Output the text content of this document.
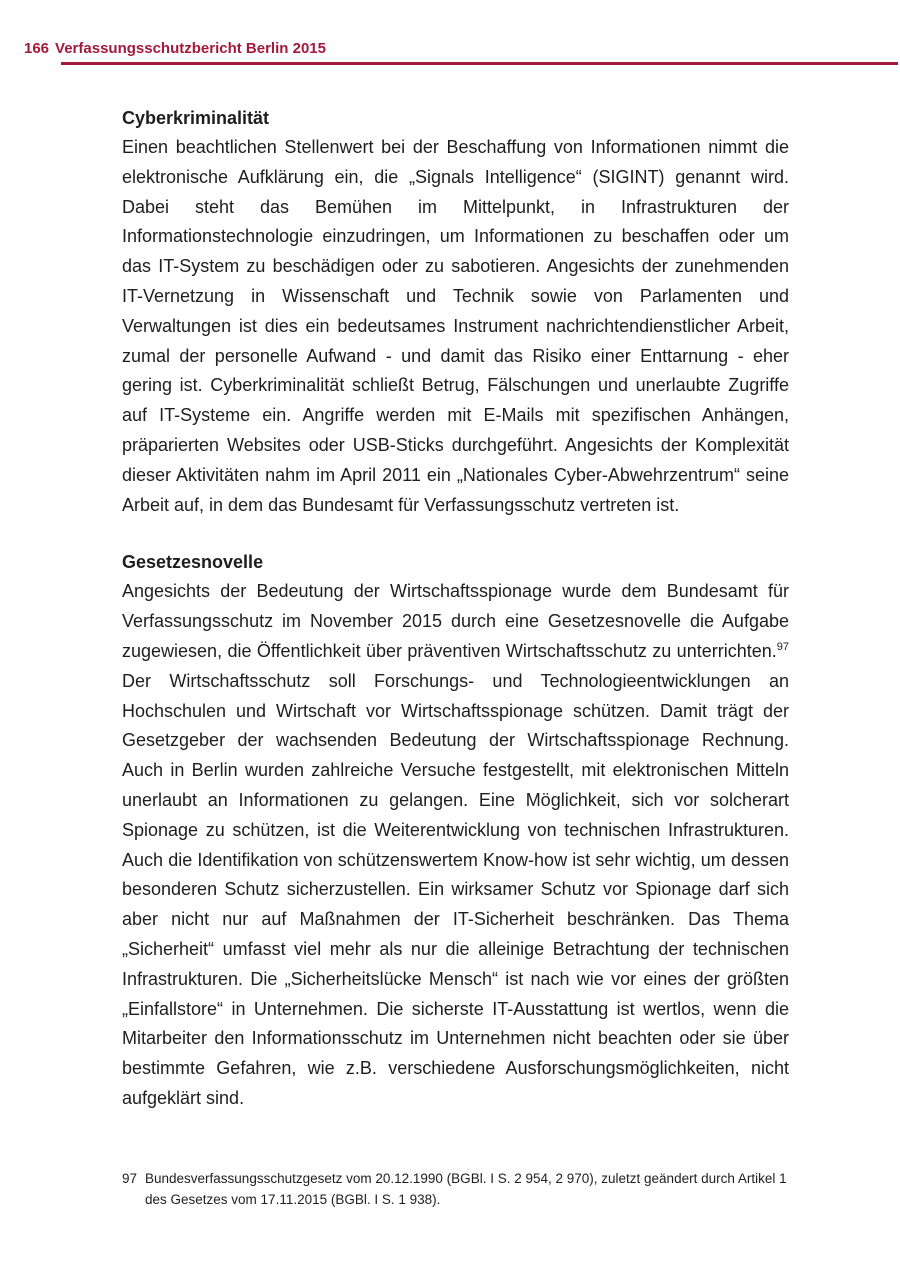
166 Verfassungsschutzbericht Berlin 2015
Cyberkriminalität

Einen beachtlichen Stellenwert bei der Beschaffung von Informationen nimmt die elektronische Aufklärung ein, die „Signals Intelligence“ (SIGINT) genannt wird. Dabei steht das Bemühen im Mittelpunkt, in Infrastrukturen der Informationstechnologie einzudringen, um Informationen zu beschaffen oder um das IT-System zu beschädigen oder zu sabotieren. Angesichts der zunehmenden IT-Vernetzung in Wissenschaft und Technik sowie von Parlamenten und Verwaltungen ist dies ein bedeutsames Instrument nachrichtendienstlicher Arbeit, zumal der personelle Aufwand - und damit das Risiko einer Enttarnung - eher gering ist. Cyberkriminalität schließt Betrug, Fälschungen und unerlaubte Zugriffe auf IT-Systeme ein. Angriffe werden mit E-Mails mit spezifischen Anhängen, präparierten Websites oder USB-Sticks durchgeführt. Angesichts der Komplexität dieser Aktivitäten nahm im April 2011 ein „Nationales Cyber-Abwehrzentrum“ seine Arbeit auf, in dem das Bundesamt für Verfassungsschutz vertreten ist.

Gesetzesnovelle

Angesichts der Bedeutung der Wirtschaftsspionage wurde dem Bundesamt für Verfassungsschutz im November 2015 durch eine Gesetzesnovelle die Aufgabe zugewiesen, die Öffentlichkeit über präventiven Wirtschaftsschutz zu unterrichten.$^{97}$ Der Wirtschaftsschutz soll Forschungs- und Technologieentwicklungen an Hochschulen und Wirtschaft vor Wirtschaftsspionage schützen. Damit trägt der Gesetzgeber der wachsenden Bedeutung der Wirtschaftsspionage Rechnung. Auch in Berlin wurden zahlreiche Versuche festgestellt, mit elektronischen Mitteln unerlaubt an Informationen zu gelangen. Eine Möglichkeit, sich vor solcherart Spionage zu schützen, ist die Weiterentwicklung von technischen Infrastrukturen. Auch die Identifikation von schützenswertem Know-how ist sehr wichtig, um dessen besonderen Schutz sicherzustellen. Ein wirksamer Schutz vor Spionage darf sich aber nicht nur auf Maßnahmen der IT-Sicherheit beschränken. Das Thema „Sicherheit“ umfasst viel mehr als nur die alleinige Betrachtung der technischen Infrastrukturen. Die „Sicherheitslücke Mensch“ ist nach wie vor eines der größten „Einfallstore“ in Unternehmen. Die sicherste IT-Ausstattung ist wertlos, wenn die Mitarbeiter den Informationsschutz im Unternehmen nicht beachten oder sie über bestimmte Gefahren, wie z.B. verschiedene Ausforschungsmöglichkeiten, nicht aufgeklärt sind.

97 Bundesverfassungsschutzgesetz vom 20.12.1990 (BGBl. I S. 2 954, 2 970), zuletzt geändert durch Artikel 1 des Gesetzes vom 17.11.2015 (BGBl. I S. 1 938).
